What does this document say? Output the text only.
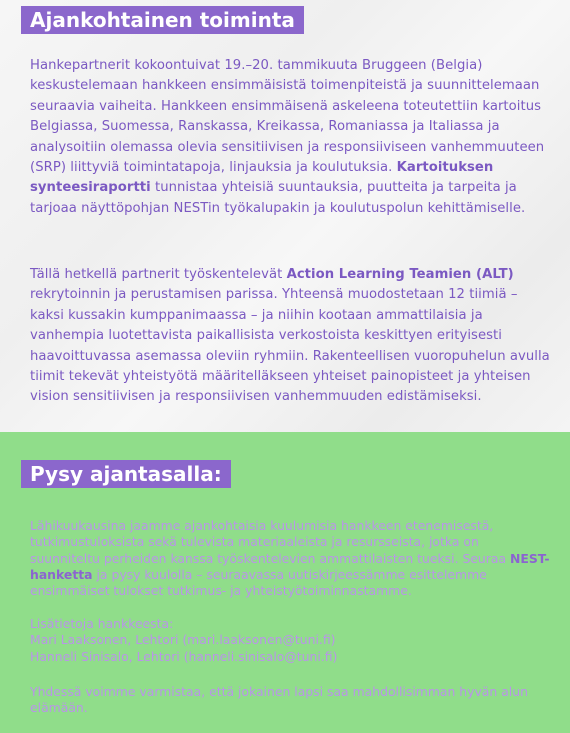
Ajankohtainen toiminta
Hankepartnerit kokoontuivat 19.–20. tammikuuta Bruggeen (Belgia) keskustelemaan hankkeen ensimmäisistä toimenpiteistä ja suunnittelemaan seuraavia vaiheita. Hankkeen ensimmäisenä askeleena toteutettiin kartoitus Belgiassa, Suomessa, Ranskassa, Kreikassa, Romaniassa ja Italiassa ja analysoitiin olemassa olevia sensitiivisen ja responsiiviseen vanhemmuuteen (SRP) liittyviä toimintatapoja, linjauksia ja koulutuksia. Kartoituksen synteesiraportti tunnistaa yhteisiä suuntauksia, puutteita ja tarpeita ja tarjoaa näyttöpohjan NESTin työkalupakin ja koulutuspolun kehittämiselle.
Tällä hetkellä partnerit työskentelevät Action Learning Teamien (ALT) rekrytoinnin ja perustamisen parissa. Yhteensä muodostetaan 12 tiimiä – kaksi kussakin kumppanimaassa – ja niihin kootaan ammattilaisia ja vanhempia luotettavista paikallisista verkostoista keskittyen erityisesti haavoittuvassa asemassa oleviin ryhmiin. Rakenteellisen vuoropuhelun avulla tiimit tekevät yhteistyötä määritelläkseen yhteiset painopisteet ja yhteisen vision sensitiivisen ja responsiivisen vanhemmuuden edistämiseksi.
Pysy ajantasalla:
Lähikuukausina jaamme ajankohtaisia kuulumisia hankkeen etenemisestä, tutkimustuloksista sekä tulevista materiaaleista ja resursseista, jotka on suunniteltu perheiden kanssa työskentelevien ammattilaisten tueksi. Seuraa NEST-hanketta ja pysy kuulolla – seuraavassa uutiskirjeessämme esittelemme ensimmäiset tulokset tutkimus- ja yhteistyötoiminnastamme.
Lisätietoja hankkeesta:
Mari Laaksonen, Lehtori (mari.laaksonen@tuni.fi)
Hanneli Sinisalo, Lehtori (hanneli.sinisalo@tuni.fi)
Yhdessä voimme varmistaa, että jokainen lapsi saa mahdollisimman hyvän alun elämään.
